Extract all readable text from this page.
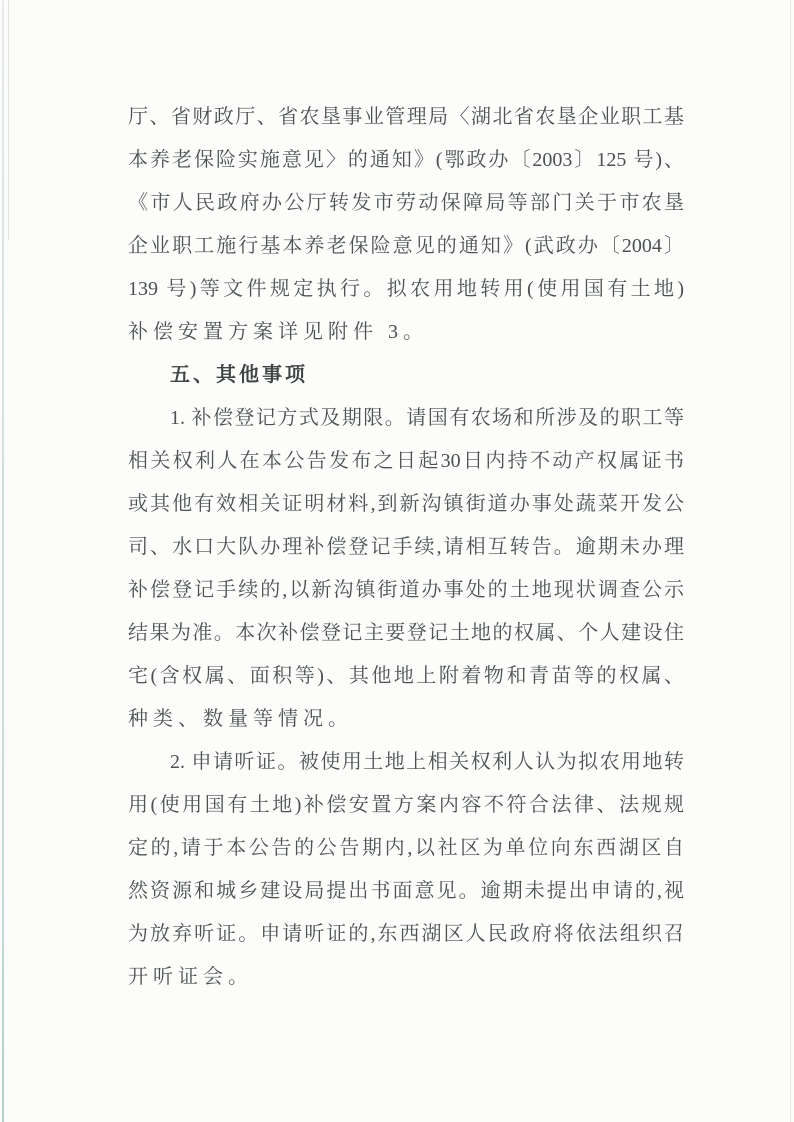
厅、省财政厅、省农垦事业管理局〈湖北省农垦企业职工基
本养老保险实施意见〉的通知》(鄂政办〔2003〕125 号)、
《市人民政府办公厅转发市劳动保障局等部门关于市农垦
企业职工施行基本养老保险意见的通知》(武政办〔2004〕
139 号)等文件规定执行。拟农用地转用(使用国有土地)
补偿安置方案详见附件 3。
五、其他事项
1. 补偿登记方式及期限。请国有农场和所涉及的职工等
相关权利人在本公告发布之日起30日内持不动产权属证书
或其他有效相关证明材料,到新沟镇街道办事处蔬菜开发公
司、水口大队办理补偿登记手续,请相互转告。逾期未办理
补偿登记手续的,以新沟镇街道办事处的土地现状调查公示
结果为准。本次补偿登记主要登记土地的权属、个人建设住
宅(含权属、面积等)、其他地上附着物和青苗等的权属、
种类、数量等情况。
2. 申请听证。被使用土地上相关权利人认为拟农用地转
用(使用国有土地)补偿安置方案内容不符合法律、法规规
定的,请于本公告的公告期内,以社区为单位向东西湖区自
然资源和城乡建设局提出书面意见。逾期未提出申请的,视
为放弃听证。申请听证的,东西湖区人民政府将依法组织召
开听证会。
